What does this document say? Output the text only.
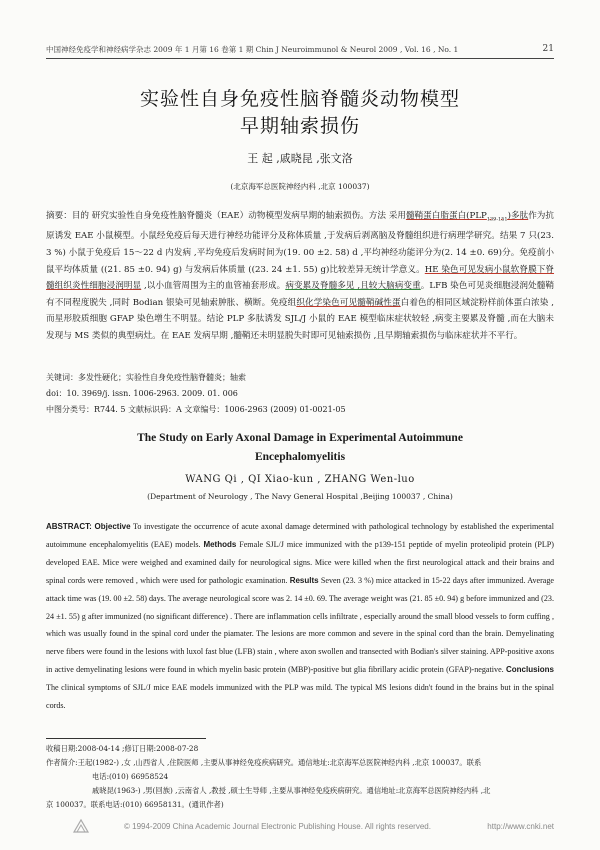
中国神经免疫学和神经病学杂志 2009 年 1 月第 16 卷第 1 期 Chin J Neuroimmunol & Neurol 2009 , Vol. 16 , No. 1	21
实验性自身免疫性脑脊髓炎动物模型
早期轴索损伤
王 起 ,戚晓昆 ,张文洛
(北京海军总医院神经内科 ,北京 100037)
摘要：目的 研究实验性自身免疫性脑脊髓炎（EAE）动物模型发病早期的轴索损伤。方法 采用髓鞘蛋白脂蛋白$(PLP_{139-151})$多肽作为抗原诱发 EAE 小鼠模型。小鼠经免疫后每天进行神经功能评分及称体质量 ,于发病后剥离脑及脊髓组织进行病理学研究。结果 7 只(23. 3 %) 小鼠于免疫后 15～22 d 内发病 ,平均免疫后发病时间为(19. 00 ±2. 58) d ,平均神经功能评分为(2. 14 ±0. 69)分。免疫前小鼠平均体质量 ((21. 85 ±0. 94) g) 与发病后体质量 ((23. 24 ±1. 55) g)比较差异无统计学意义。HE 染色可见发病小鼠软脊膜下脊髓组织炎性细胞浸润明显 ,以小血管周围为主的血管袖套形成。病变累及脊髓多见 ,且较大脑病变重。LFB 染色可见炎细胞浸润处髓鞘有不同程度脱失 ,同时 Bodian 银染可见轴索肿胀、横断。免疫组织化学染色可见髓鞘碱性蛋白着色的相同区域淀粉样前体蛋白浓染 ,而星形胶质细胞 GFAP 染色增生不明显。结论 PLP 多肽诱发 SJL/J 小鼠的 EAE 模型临床症状较轻 ,病变主要累及脊髓 ,而在大脑未发现与 MS 类似的典型病灶。在 EAE 发病早期 ,髓鞘还未明显脱失时即可见轴索损伤 ,且早期轴索损伤与临床症状并不平行。
关键词：多发性硬化；实验性自身免疫性脑脊髓炎；轴索
doi：10. 3969/j. issn. 1006-2963. 2009. 01. 006
中图分类号：R744. 5 文献标识码：A 文章编号：1006-2963 (2009) 01-0021-05
The Study on Early Axonal Damage in Experimental Autoimmune
Encephalomyelitis
WANG Qi , QI Xiao-kun , ZHANG Wen-luo
(Department of Neurology , The Navy General Hospital ,Beijing 100037 , China)
ABSTRACT: Objective To investigate the occurrence of acute axonal damage determined with pathological technology by established the experimental autoimmune encephalomyelitis (EAE) models. Methods Female SJL/J mice immunized with the p139-151 peptide of myelin proteolipid protein (PLP) developed EAE. Mice were weighed and examined daily for neurological signs. Mice were killed when the first neurological attack and their brains and spinal cords were removed , which were used for pathologic examination. Results Seven (23. 3 %) mice attacked in 15-22 days after immunized. Average attack time was (19. 00 ±2. 58) days. The average neurological score was 2. 14 ±0. 69. The average weight was (21. 85 ±0. 94) g before immunized and (23. 24 ±1. 55) g after immunized (no significant difference) . There are inflammation cells infiltrate , especially around the small blood vessels to form cuffing , which was usually found in the spinal cord under the piamater. The lesions are more common and severe in the spinal cord than the brain. Demyelinating nerve fibers were found in the lesions with luxol fast blue (LFB) stain , where axon swollen and transected with Bodian's silver staining. APP-positive axons in active demyelinating lesions were found in which myelin basic protein (MBP)-positive but glia fibrillary acidic protein (GFAP)-negative. Conclusions The clinical symptoms of SJL/J mice EAE models immunized with the PLP was mild. The typical MS lesions didn't found in the brains but in the spinal cords.
收稿日期:2008-04-14 ;修订日期:2008-07-28
作者简介:王起(1982-) ,女 ,山西省人 ,住院医师 ,主要从事神经免疫疾病研究。通信地址:北京海军总医院神经内科 ,北京 100037。联系
电话:(010) 66958524
戚晓昆(1963-) ,男(回族) ,云南省人 ,教授 ,硕士生导师 ,主要从事神经免疫疾病研究。通信地址:北京海军总医院神经内科 ,北
京 100037。联系电话:(010) 66958131。(通讯作者)
© 1994-2009 China Academic Journal Electronic Publishing House. All rights reserved.	http://www.cnki.net
